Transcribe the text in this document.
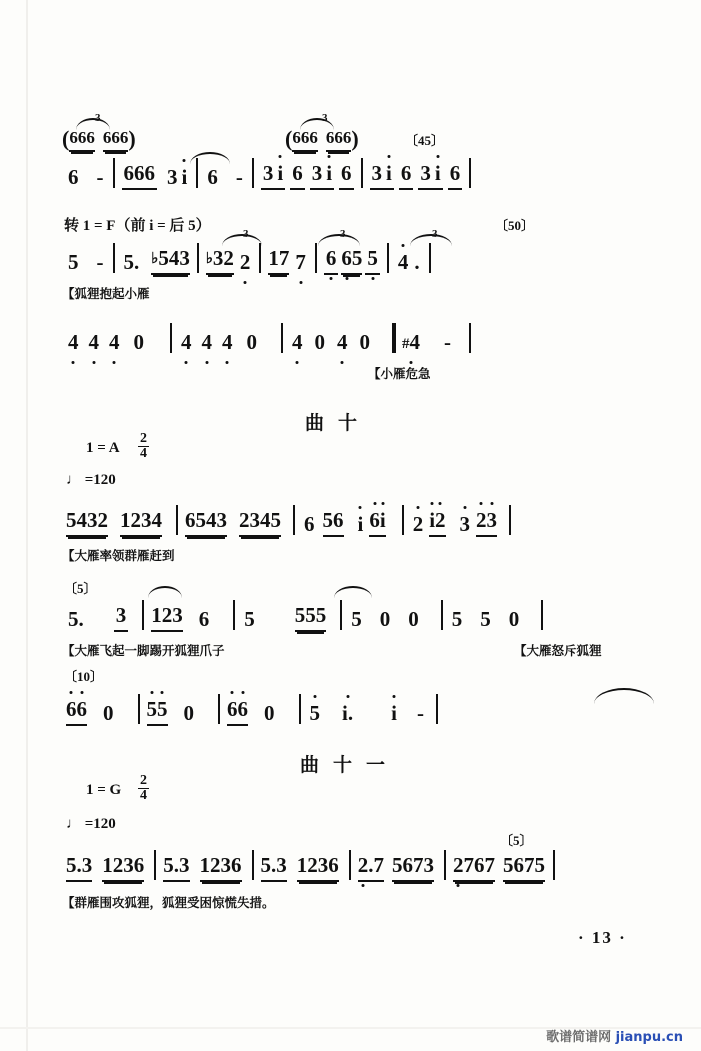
3	3
〔45〕
( 666 666 )	( 666 666 )
6 - 666 3 i 6 - 3 i 6 3 i 6 3 i 6 3 i 6
转 1 = F（前 i = 后 5）	〔50〕
3	3	3
5 - 5. ♭543 ♭32 2 17 7 6 65 5 4 .
【狐狸抱起小雁
4 4 4 0 4 4 4 0 4 0 4 0 #4	-
【小雁危急
曲十
1 = A $\frac{2}{4}$
♩ =120
5432 1234 6543 2345 6 56 i 6i 2 i2 3 23
【大雁率领群雁赶到
〔5〕
5. 3 123 6 5 555 5 0 0 5 5 0
【大雁飞起一脚踢开狐狸爪子	【大雁怒斥狐狸
〔10〕
66 0 55 0 66 0 5 i. i -
曲十一
1 = G $\frac{2}{4}$
♩ =120
〔5〕
5.3 1236 5.3 1236 5.3 1236 2.7 5673 2767 5675
【群雁围攻狐狸，狐狸受困惊慌失措。
· 13 ·
歌谱简谱网 jianpu.cn
